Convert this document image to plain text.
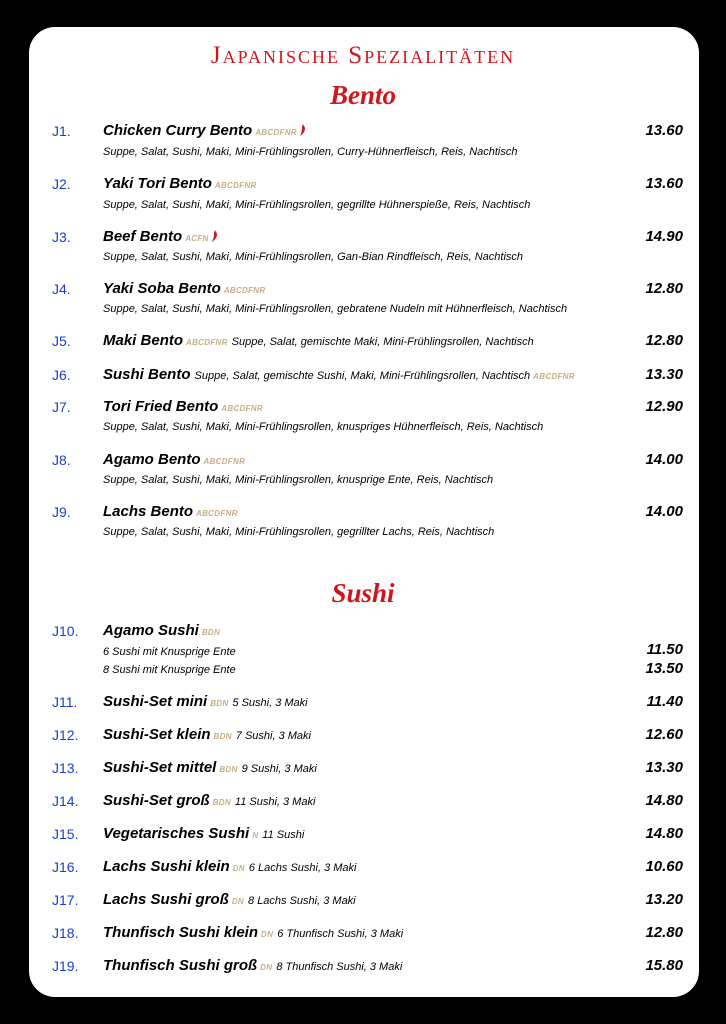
Japanische Spezialitäten
Bento
Sushi
J1. Chicken Curry Bento ABCDFNR
Suppe, Salat, Sushi, Maki, Mini-Frühlingsrollen, Curry-Hühnerfleisch, Reis, Nachtisch
13.60
J2. Yaki Tori Bento ABCDFNR
Suppe, Salat, Sushi, Maki, Mini-Frühlingsrollen, gegrillte Hühnerspieße, Reis, Nachtisch
13.60
J3. Beef Bento ACFN
Suppe, Salat, Sushi, Maki, Mini-Frühlingsrollen, Gan-Bian Rindfleisch, Reis, Nachtisch
14.90
J4. Yaki Soba Bento ABCDFNR
Suppe, Salat, Sushi, Maki, Mini-Frühlingsrollen, gebratene Nudeln mit Hühnerfleisch, Nachtisch
12.80
J5. Maki Bento ABCDFNR Suppe, Salat, gemischte Maki, Mini-Frühlingsrollen, Nachtisch	12.80
J6. Sushi Bento Suppe, Salat, gemischte Sushi, Maki, Mini-Frühlingsrollen, Nachtisch ABCDFNR	13.30
J7. Tori Fried Bento ABCDFNR
Suppe, Salat, Sushi, Maki, Mini-Frühlingsrollen, knuspriges Hühnerfleisch, Reis, Nachtisch
12.90
J8. Agamo Bento ABCDFNR
Suppe, Salat, Sushi, Maki, Mini-Frühlingsrollen, knusprige Ente, Reis, Nachtisch
14.00
J9. Lachs Bento ABCDFNR
Suppe, Salat, Sushi, Maki, Mini-Frühlingsrollen, gegrillter Lachs, Reis, Nachtisch
14.00
J10. Agamo Sushi BDN
6 Sushi mit Knusprige Ente	11.50
8 Sushi mit Knusprige Ente	13.50
J11. Sushi-Set mini BDN 5 Sushi, 3 Maki	11.40
J12. Sushi-Set klein BDN 7 Sushi, 3 Maki	12.60
J13. Sushi-Set mittel BDN 9 Sushi, 3 Maki	13.30
J14. Sushi-Set groß BDN 11 Sushi, 3 Maki	14.80
J15. Vegetarisches Sushi N 11 Sushi	14.80
J16. Lachs Sushi klein DN 6 Lachs Sushi, 3 Maki	10.60
J17. Lachs Sushi groß DN 8 Lachs Sushi, 3 Maki	13.20
J18. Thunfisch Sushi klein DN 6 Thunfisch Sushi, 3 Maki	12.80
J19. Thunfisch Sushi groß DN 8 Thunfisch Sushi, 3 Maki	15.80
